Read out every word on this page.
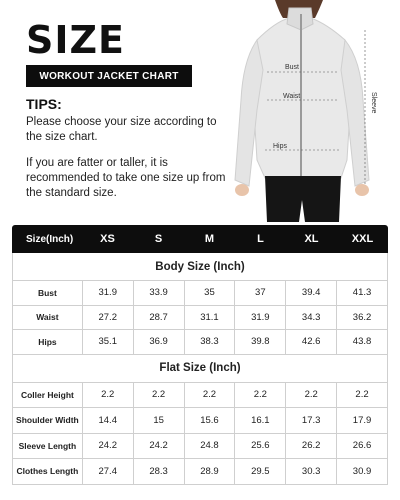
SIZE
WORKOUT JACKET CHART
TIPS:
Please choose your size according to the size chart.
If you are fatter or taller, it is recommended to take one size up from the standard size.
Bust
Waist
Hips
Sleeve
Size(Inch)	XS	S	M	L	XL	XXL
Body Size (Inch)
Bust	31.9	33.9	35	37	39.4	41.3
Waist	27.2	28.7	31.1	31.9	34.3	36.2
Hips	35.1	36.9	38.3	39.8	42.6	43.8
Flat Size (Inch)
Coller Height	2.2	2.2	2.2	2.2	2.2	2.2
Shoulder Width	14.4	15	15.6	16.1	17.3	17.9
Sleeve Length	24.2	24.2	24.8	25.6	26.2	26.6
Clothes Length	27.4	28.3	28.9	29.5	30.3	30.9
